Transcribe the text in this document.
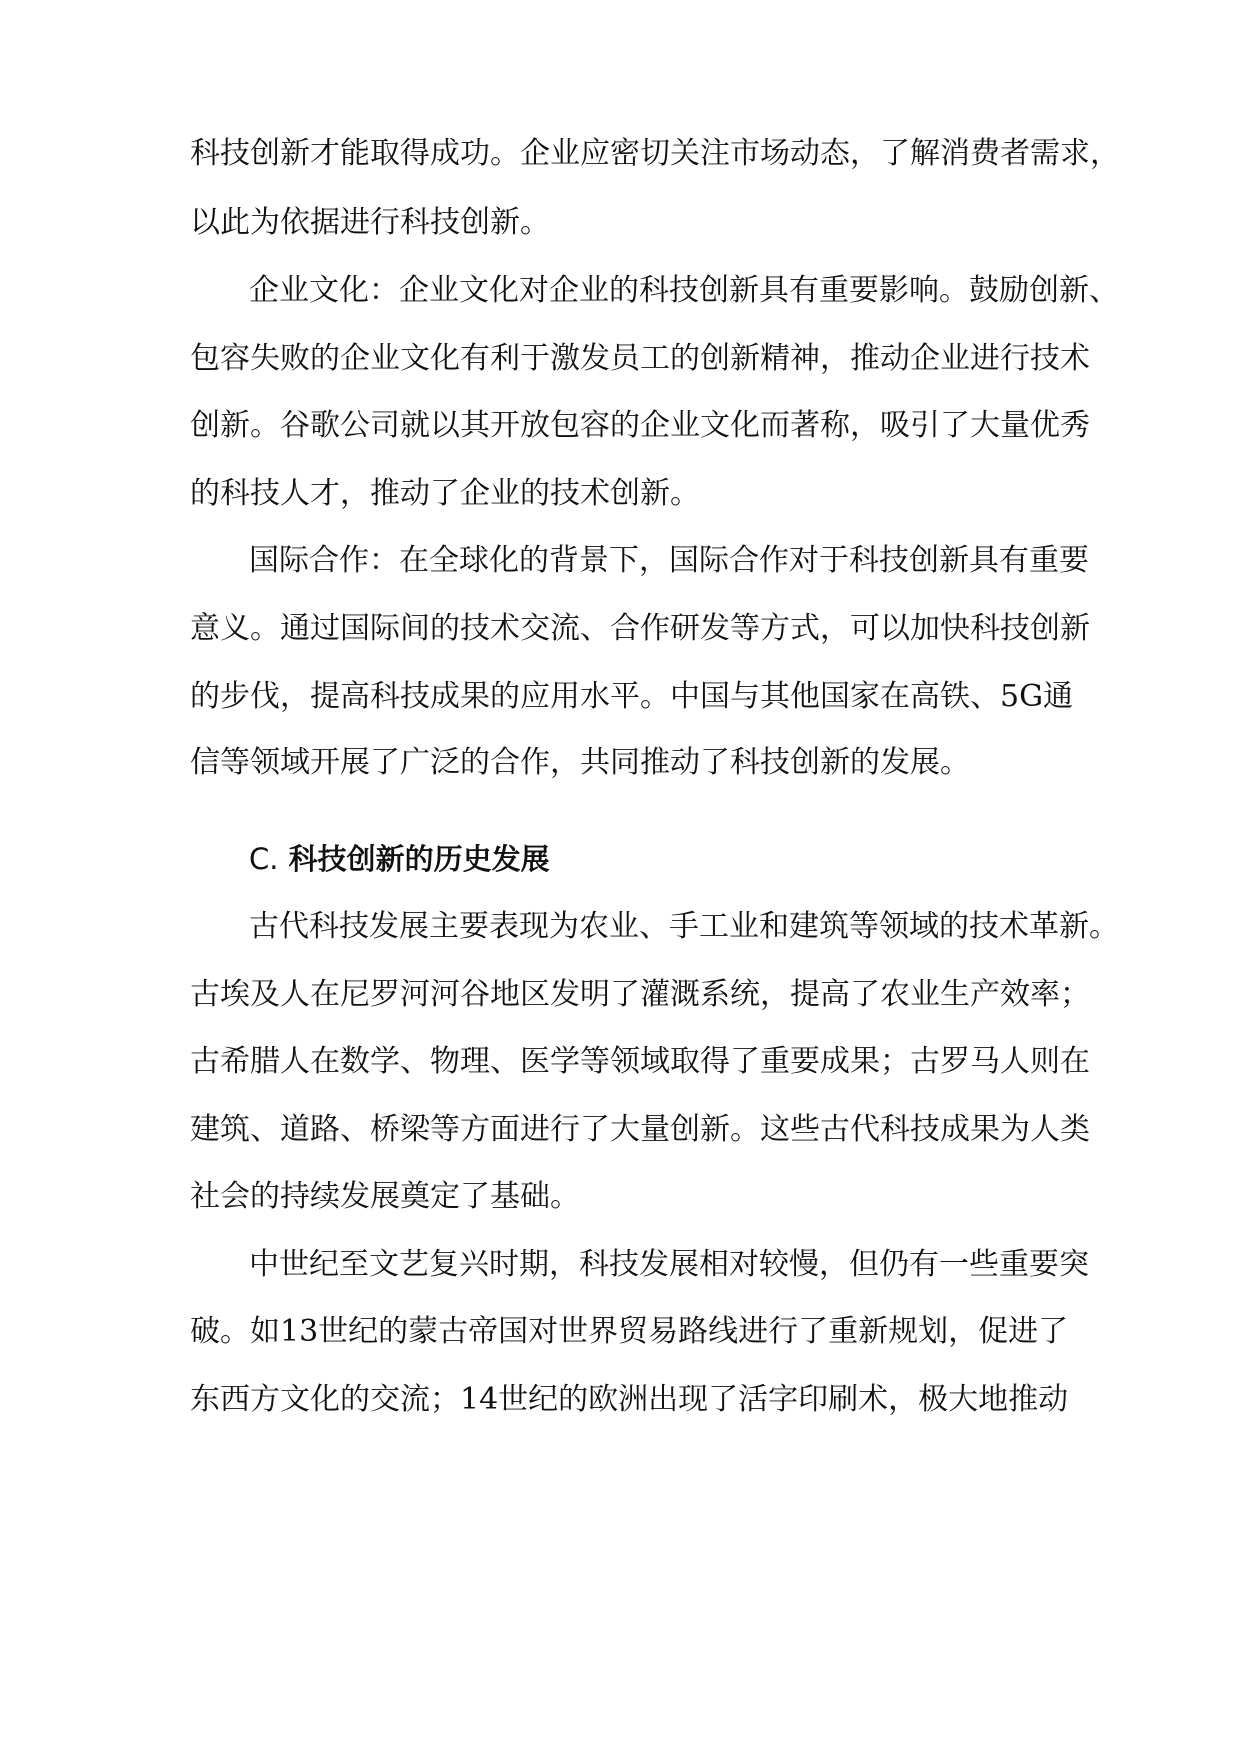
科技创新才能取得成功。企业应密切关注市场动态，了解消费者需求，
以此为依据进行科技创新。
企业文化：企业文化对企业的科技创新具有重要影响。鼓励创新、
包容失败的企业文化有利于激发员工的创新精神，推动企业进行技术
创新。谷歌公司就以其开放包容的企业文化而著称，吸引了大量优秀
的科技人才，推动了企业的技术创新。
国际合作：在全球化的背景下，国际合作对于科技创新具有重要
意义。通过国际间的技术交流、合作研发等方式，可以加快科技创新
的步伐，提高科技成果的应用水平。中国与其他国家在高铁、5G通
信等领域开展了广泛的合作，共同推动了科技创新的发展。
C. 科技创新的历史发展
古代科技发展主要表现为农业、手工业和建筑等领域的技术革新。
古埃及人在尼罗河河谷地区发明了灌溉系统，提高了农业生产效率；
古希腊人在数学、物理、医学等领域取得了重要成果；古罗马人则在
建筑、道路、桥梁等方面进行了大量创新。这些古代科技成果为人类
社会的持续发展奠定了基础。
中世纪至文艺复兴时期，科技发展相对较慢，但仍有一些重要突
破。如13世纪的蒙古帝国对世界贸易路线进行了重新规划，促进了
东西方文化的交流；14世纪的欧洲出现了活字印刷术，极大地推动
